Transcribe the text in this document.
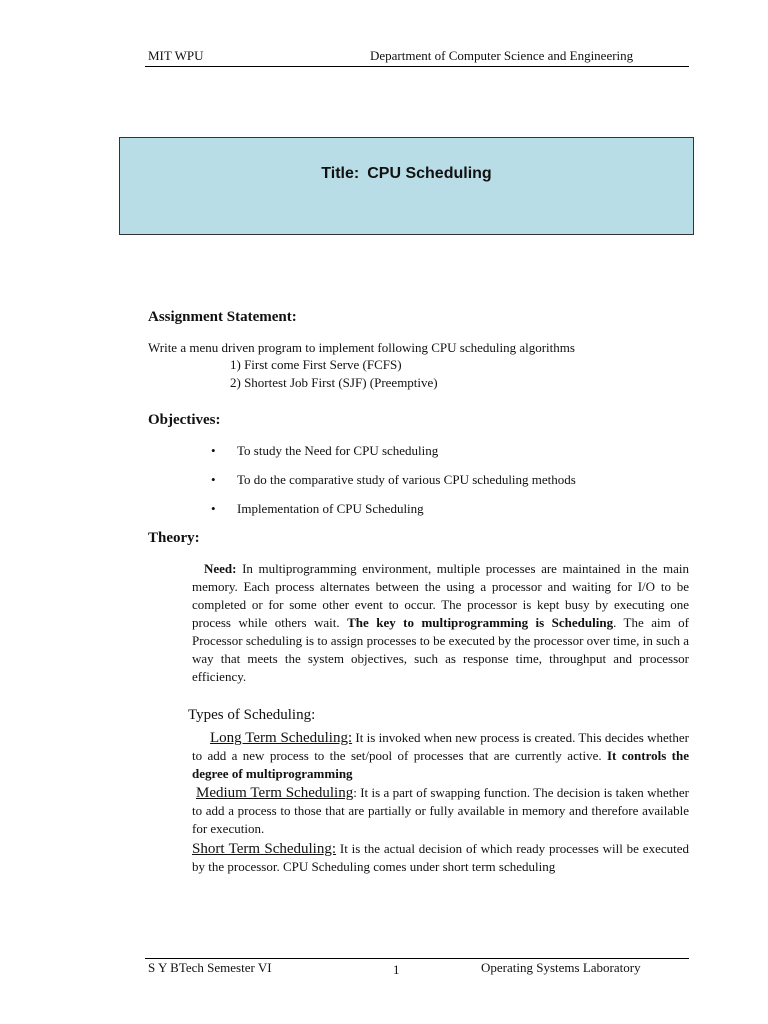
MIT WPU	Department of Computer Science and Engineering
Title: CPU Scheduling
Assignment Statement:
Write a menu driven program to implement following CPU scheduling algorithms
1) First come First Serve (FCFS)
2) Shortest Job First (SJF) (Preemptive)
Objectives:
• To study the Need for CPU scheduling
• To do the comparative study of various CPU scheduling methods
• Implementation of CPU Scheduling
Theory:
Need: In multiprogramming environment, multiple processes are maintained in the main memory. Each process alternates between the using a processor and waiting for I/O to be completed or for some other event to occur. The processor is kept busy by executing one process while others wait. The key to multiprogramming is Scheduling. The aim of Processor scheduling is to assign processes to be executed by the processor over time, in such a way that meets the system objectives, such as response time, throughput and processor efficiency.
Types of Scheduling:
Long Term Scheduling: It is invoked when new process is created. This decides whether to add a new process to the set/pool of processes that are currently active. It controls the degree of multiprogramming
Medium Term Scheduling: It is a part of swapping function. The decision is taken whether to add a process to those that are partially or fully available in memory and therefore available for execution.
Short Term Scheduling: It is the actual decision of which ready processes will be executed by the processor. CPU Scheduling comes under short term scheduling
S Y BTech Semester VI	1	Operating Systems Laboratory
